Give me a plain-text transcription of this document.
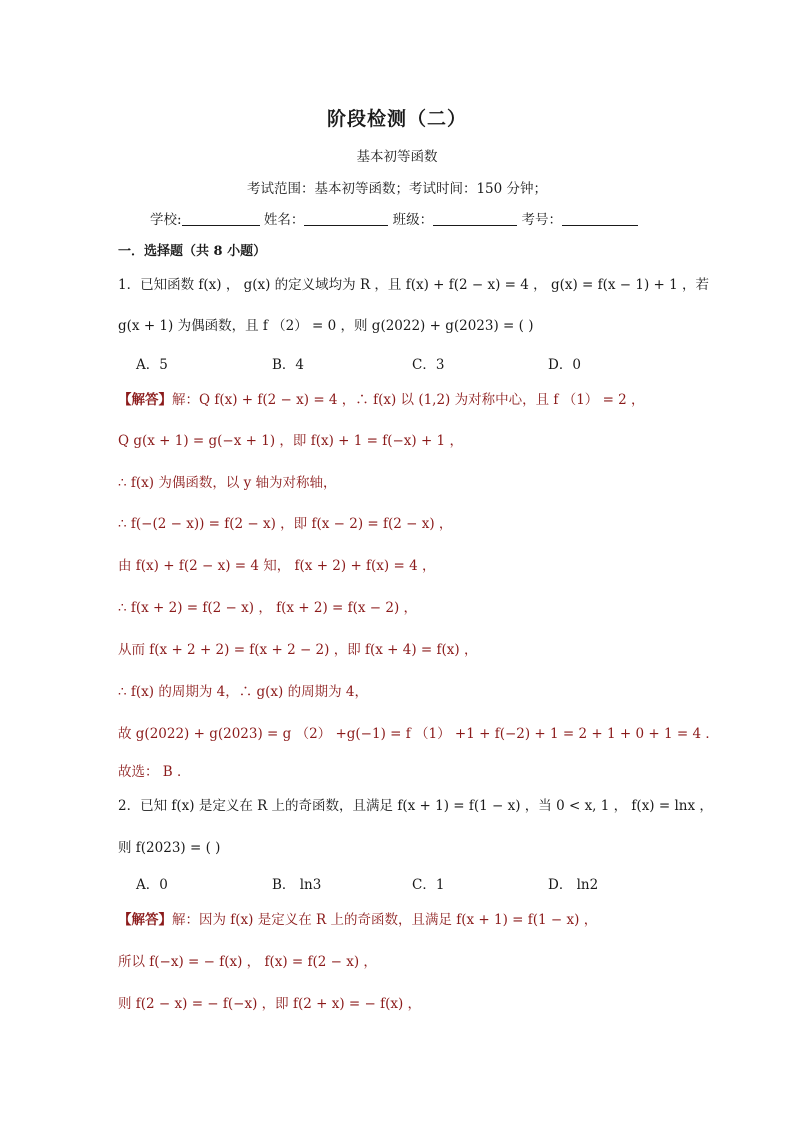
阶段检测（二）
基本初等函数
考试范围：基本初等函数；考试时间：150 分钟；
学校:	姓名：	班级：	考号：
一．选择题（共 8 小题）
1．已知函数 f(x) ， g(x) 的定义域均为 R ，且 f(x) + f(2 − x) = 4 ， g(x) = f(x − 1) + 1 ，若
g(x + 1) 为偶函数，且 f （2） = 0 ，则 g(2022) + g(2023) = ( )
A．5	B．4	C．3	D．0
【解答】解：Q f(x) + f(2 − x) = 4 ，∴ f(x) 以 (1,2) 为对称中心，且 f （1） = 2 ，
Q g(x + 1) = g(−x + 1) ，即 f(x) + 1 = f(−x) + 1 ，
∴ f(x) 为偶函数，以 y 轴为对称轴，
∴ f(−(2 − x)) = f(2 − x) ，即 f(x − 2) = f(2 − x) ，
由 f(x) + f(2 − x) = 4 知， f(x + 2) + f(x) = 4 ，
∴ f(x + 2) = f(2 − x) ， f(x + 2) = f(x − 2) ，
从而 f(x + 2 + 2) = f(x + 2 − 2) ，即 f(x + 4) = f(x) ，
∴ f(x) 的周期为 4，∴ g(x) 的周期为 4，
故 g(2022) + g(2023) = g （2） +g(−1) = f （1） +1 + f(−2) + 1 = 2 + 1 + 0 + 1 = 4 ．
故选： B ．
2．已知 f(x) 是定义在 R 上的奇函数，且满足 f(x + 1) = f(1 − x) ，当 0 < x, 1 ， f(x) = lnx ，
则 f(2023) = ( )
A．0	B． ln3	C．1	D． ln2
【解答】解：因为 f(x) 是定义在 R 上的奇函数，且满足 f(x + 1) = f(1 − x) ，
所以 f(−x) = − f(x) ， f(x) = f(2 − x) ，
则 f(2 − x) = − f(−x) ，即 f(2 + x) = − f(x) ，
